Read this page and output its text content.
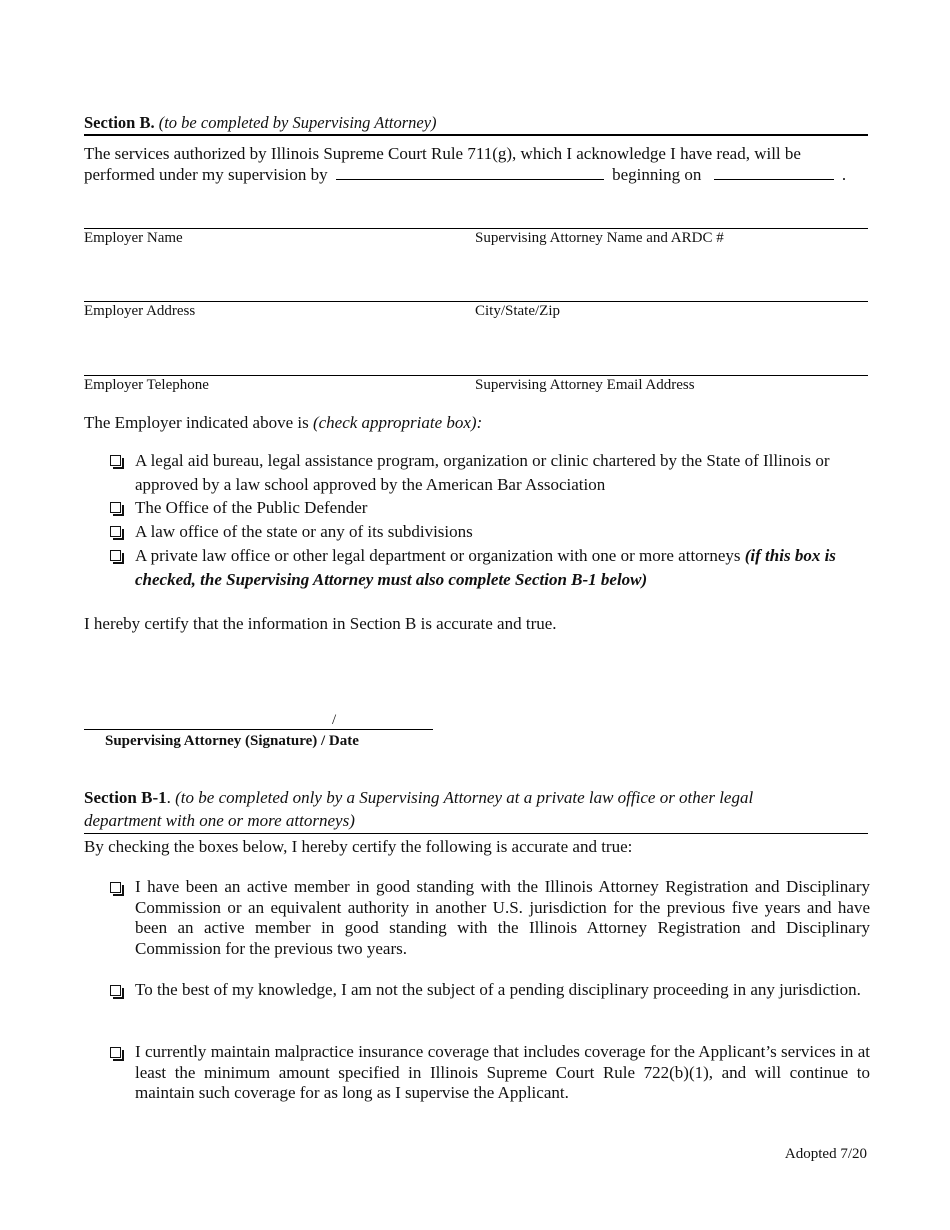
Section B. (to be completed by Supervising Attorney)
The services authorized by Illinois Supreme Court Rule 711(g), which I acknowledge I have read, will be
performed under my supervision by	beginning on	.
Employer Name	Supervising Attorney Name and ARDC #
Employer Address	City/State/Zip
Employer Telephone	Supervising Attorney Email Address
The Employer indicated above is (check appropriate box):
A legal aid bureau, legal assistance program, organization or clinic chartered by the State of Illinois or approved by a law school approved by the American Bar Association
The Office of the Public Defender
A law office of the state or any of its subdivisions
A private law office or other legal department or organization with one or more attorneys (if this box is checked, the Supervising Attorney must also complete Section B-1 below)
I hereby certify that the information in Section B is accurate and true.
/
Supervising Attorney (Signature) / Date
Section B-1. (to be completed only by a Supervising Attorney at a private law office or other legal
department with one or more attorneys)
By checking the boxes below, I hereby certify the following is accurate and true:
I have been an active member in good standing with the Illinois Attorney Registration and Disciplinary Commission or an equivalent authority in another U.S. jurisdiction for the previous five years and have been an active member in good standing with the Illinois Attorney Registration and Disciplinary Commission for the previous two years.
To the best of my knowledge, I am not the subject of a pending disciplinary proceeding in any jurisdiction.
I currently maintain malpractice insurance coverage that includes coverage for the Applicant’s services in at least the minimum amount specified in Illinois Supreme Court Rule 722(b)(1), and will continue to maintain such coverage for as long as I supervise the Applicant.
Adopted 7/20
